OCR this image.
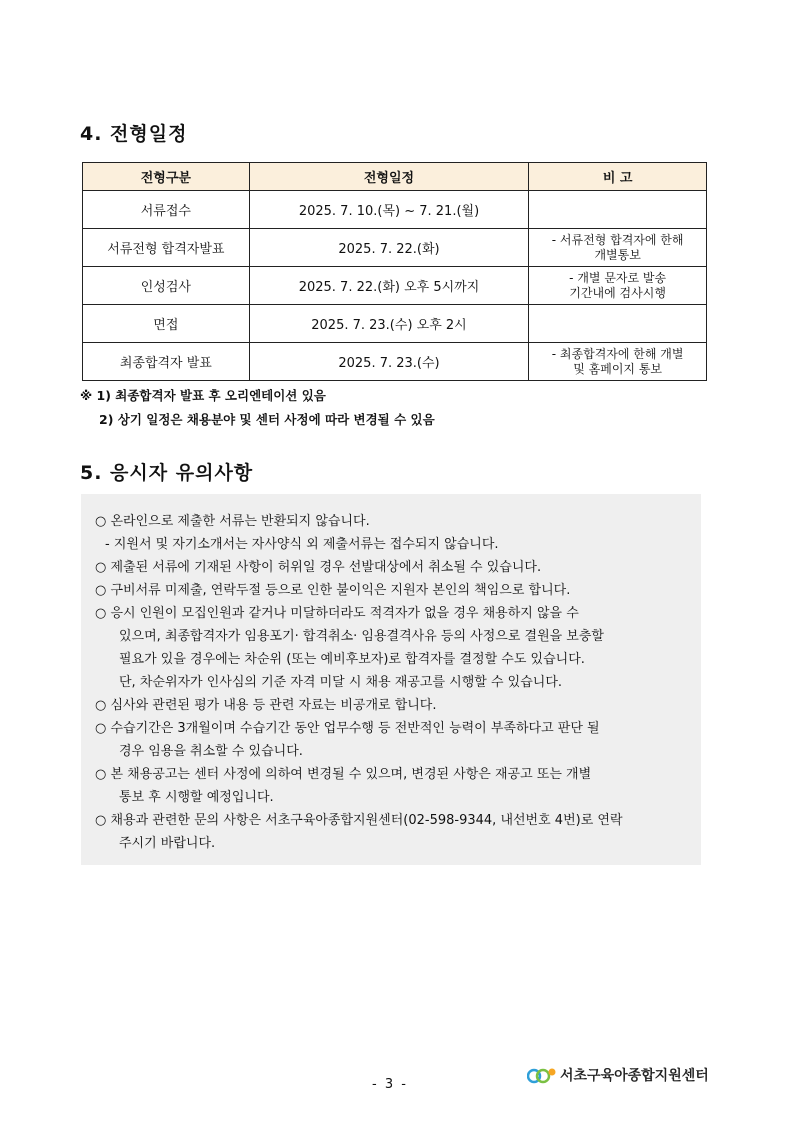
4. 전형일정
전형구분	전형일정	비 고
서류접수	2025. 7. 10.(목) ~ 7. 21.(월)	

서류전형 합격자발표	2025. 7. 22.(화)	- 서류전형 합격자에 한해
개별통보

인성검사	2025. 7. 22.(화) 오후 5시까지	- 개별 문자로 발송
기간내에 검사시행

면접	2025. 7. 23.(수) 오후 2시	

최종합격자 발표	2025. 7. 23.(수)	- 최종합격자에 한해 개별
및 홈페이지 통보
※ 1) 최종합격자 발표 후 오리엔테이션 있음
2) 상기 일정은 채용분야 및 센터 사정에 따라 변경될 수 있음
5. 응시자 유의사항
○ 온라인으로 제출한 서류는 반환되지 않습니다.
- 지원서 및 자기소개서는 자사양식 외 제출서류는 접수되지 않습니다.
○ 제출된 서류에 기재된 사항이 허위일 경우 선발대상에서 취소될 수 있습니다.
○ 구비서류 미제출, 연락두절 등으로 인한 불이익은 지원자 본인의 책임으로 합니다.
○ 응시 인원이 모집인원과 같거나 미달하더라도 적격자가 없을 경우 채용하지 않을 수
있으며, 최종합격자가 임용포기· 합격취소· 임용결격사유 등의 사정으로 결원을 보충할
필요가 있을 경우에는 차순위 (또는 예비후보자)로 합격자를 결정할 수도 있습니다.
단, 차순위자가 인사심의 기준 자격 미달 시 채용 재공고를 시행할 수 있습니다.
○ 심사와 관련된 평가 내용 등 관련 자료는 비공개로 합니다.
○ 수습기간은 3개월이며 수습기간 동안 업무수행 등 전반적인 능력이 부족하다고 판단 될
경우 임용을 취소할 수 있습니다.
○ 본 채용공고는 센터 사정에 의하여 변경될 수 있으며, 변경된 사항은 재공고 또는 개별
통보 후 시행할 예정입니다.
○ 채용과 관련한 문의 사항은 서초구육아종합지원센터(02-598-9344, 내선번호 4번)로 연락
주시기 바랍니다.
- 3 -
서초구육아종합지원센터
